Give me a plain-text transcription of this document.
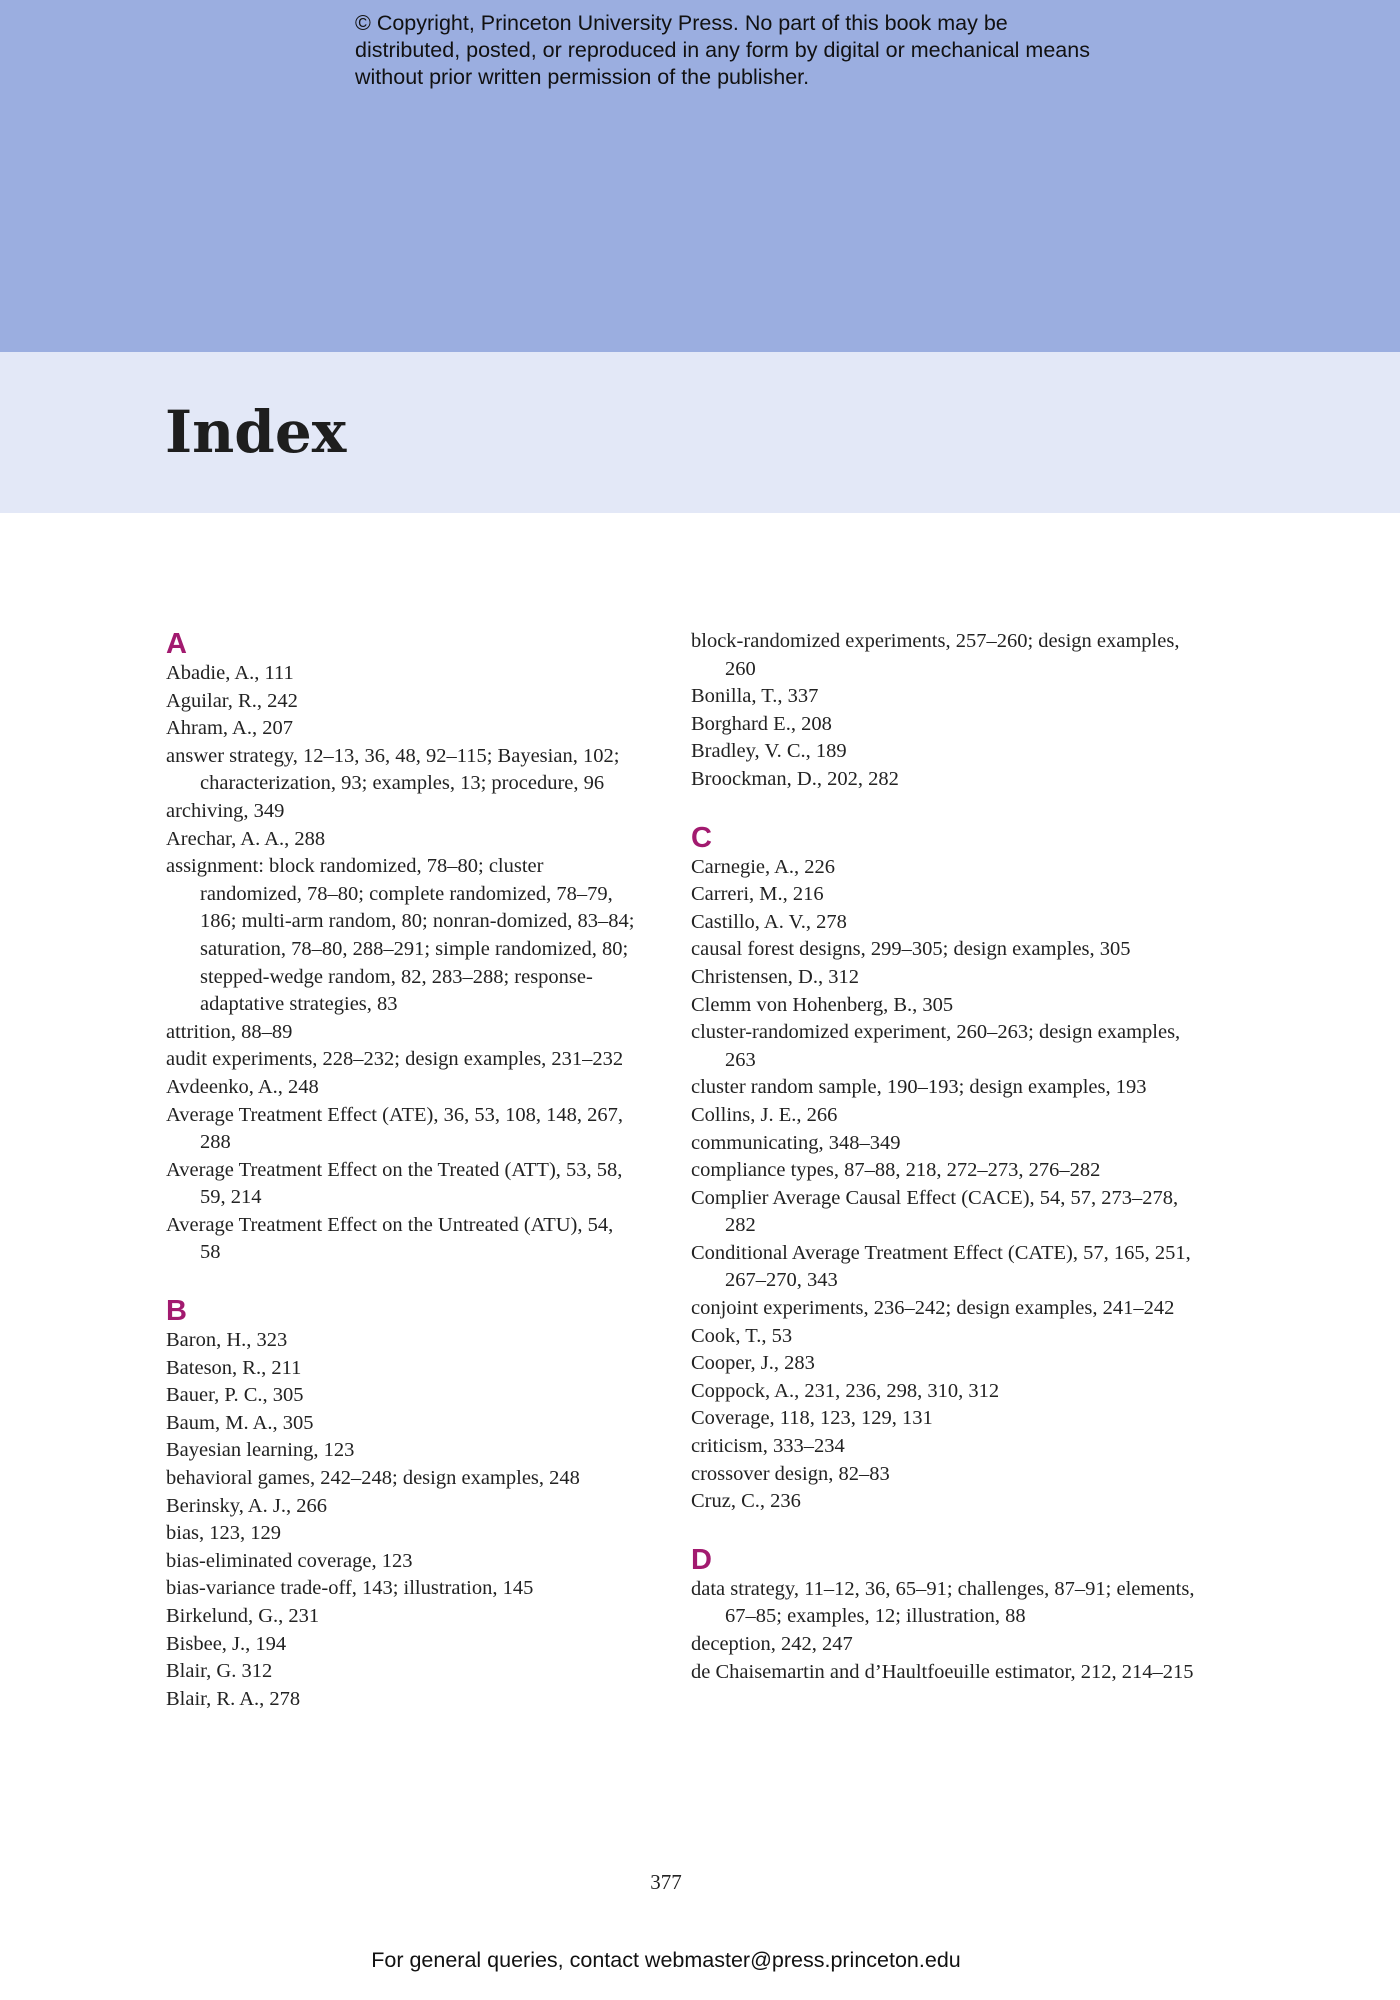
© Copyright, Princeton University Press. No part of this book may be distributed, posted, or reproduced in any form by digital or mechanical means without prior written permission of the publisher.
Index
A
Abadie, A., 111
Aguilar, R., 242
Ahram, A., 207
answer strategy, 12–13, 36, 48, 92–115; Bayesian, 102; characterization, 93; examples, 13; procedure, 96
archiving, 349
Arechar, A. A., 288
assignment: block randomized, 78–80; cluster randomized, 78–80; complete randomized, 78–79, 186; multi-arm random, 80; nonran-domized, 83–84; saturation, 78–80, 288–291; simple randomized, 80; stepped-wedge random, 82, 283–288; response-adaptative strategies, 83
attrition, 88–89
audit experiments, 228–232; design examples, 231–232
Avdeenko, A., 248
Average Treatment Effect (ATE), 36, 53, 108, 148, 267, 288
Average Treatment Effect on the Treated (ATT), 53, 58, 59, 214
Average Treatment Effect on the Untreated (ATU), 54, 58
B
Baron, H., 323
Bateson, R., 211
Bauer, P. C., 305
Baum, M. A., 305
Bayesian learning, 123
behavioral games, 242–248; design examples, 248
Berinsky, A. J., 266
bias, 123, 129
bias-eliminated coverage, 123
bias-variance trade-off, 143; illustration, 145
Birkelund, G., 231
Bisbee, J., 194
Blair, G. 312
Blair, R. A., 278
block-randomized experiments, 257–260; design examples, 260
Bonilla, T., 337
Borghard E., 208
Bradley, V. C., 189
Broockman, D., 202, 282
C
Carnegie, A., 226
Carreri, M., 216
Castillo, A. V., 278
causal forest designs, 299–305; design examples, 305
Christensen, D., 312
Clemm von Hohenberg, B., 305
cluster-randomized experiment, 260–263; design examples, 263
cluster random sample, 190–193; design examples, 193
Collins, J. E., 266
communicating, 348–349
compliance types, 87–88, 218, 272–273, 276–282
Complier Average Causal Effect (CACE), 54, 57, 273–278, 282
Conditional Average Treatment Effect (CATE), 57, 165, 251, 267–270, 343
conjoint experiments, 236–242; design examples, 241–242
Cook, T., 53
Cooper, J., 283
Coppock, A., 231, 236, 298, 310, 312
Coverage, 118, 123, 129, 131
criticism, 333–234
crossover design, 82–83
Cruz, C., 236
D
data strategy, 11–12, 36, 65–91; challenges, 87–91; elements, 67–85; examples, 12; illustration, 88
deception, 242, 247
de Chaisemartin and d’Haultfoeuille estimator, 212, 214–215
377
For general queries, contact webmaster@press.princeton.edu
